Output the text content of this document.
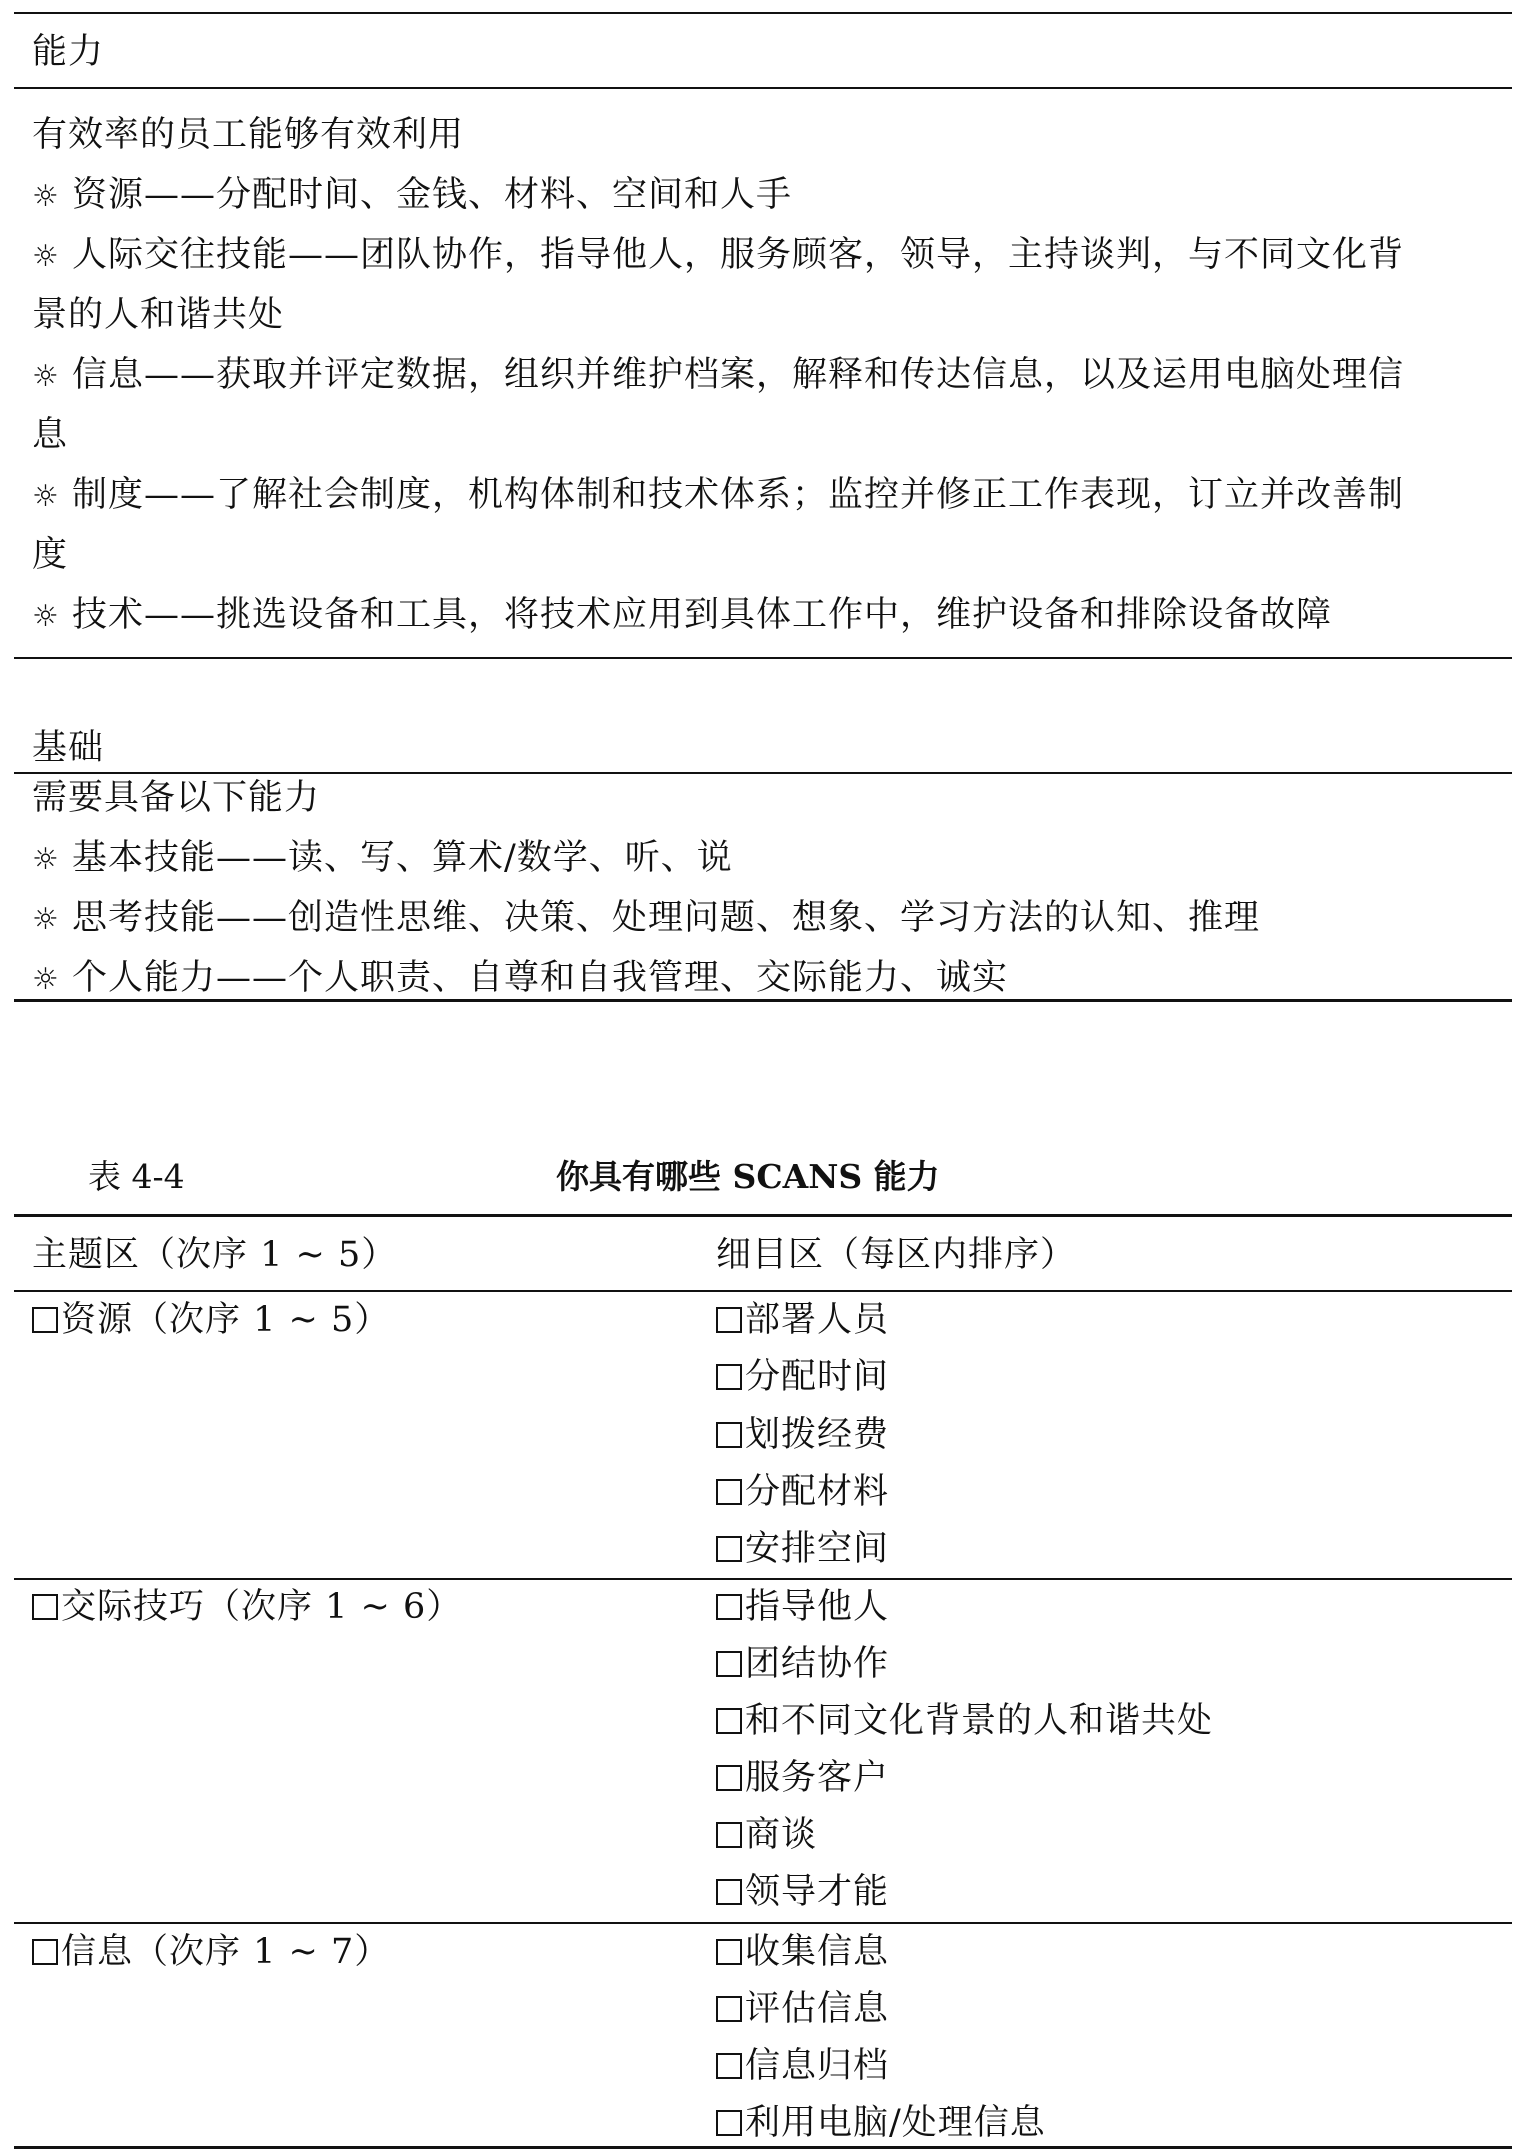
能力
有效率的员工能够有效利用
☼ 资源——分配时间、金钱、材料、空间和人手
☼ 人际交往技能——团队协作，指导他人，服务顾客，领导，主持谈判，与不同文化背
景的人和谐共处
☼ 信息——获取并评定数据，组织并维护档案，解释和传达信息，以及运用电脑处理信
息
☼ 制度——了解社会制度，机构体制和技术体系；监控并修正工作表现，订立并改善制
度
☼ 技术——挑选设备和工具，将技术应用到具体工作中，维护设备和排除设备故障
基础
需要具备以下能力
☼ 基本技能——读、写、算术/数学、听、说
☼ 思考技能——创造性思维、决策、处理问题、想象、学习方法的认知、推理
☼ 个人能力——个人职责、自尊和自我管理、交际能力、诚实
表 4-4	你具有哪些 SCANS 能力
主题区（次序 1 ~ 5）	细目区（每区内排序）
资源（次序 1 ~ 5）	部署人员
分配时间
划拨经费
分配材料
安排空间
交际技巧（次序 1 ~ 6）	指导他人
团结协作
和不同文化背景的人和谐共处
服务客户
商谈
领导才能
信息（次序 1 ~ 7）	收集信息
评估信息
信息归档
利用电脑/处理信息
